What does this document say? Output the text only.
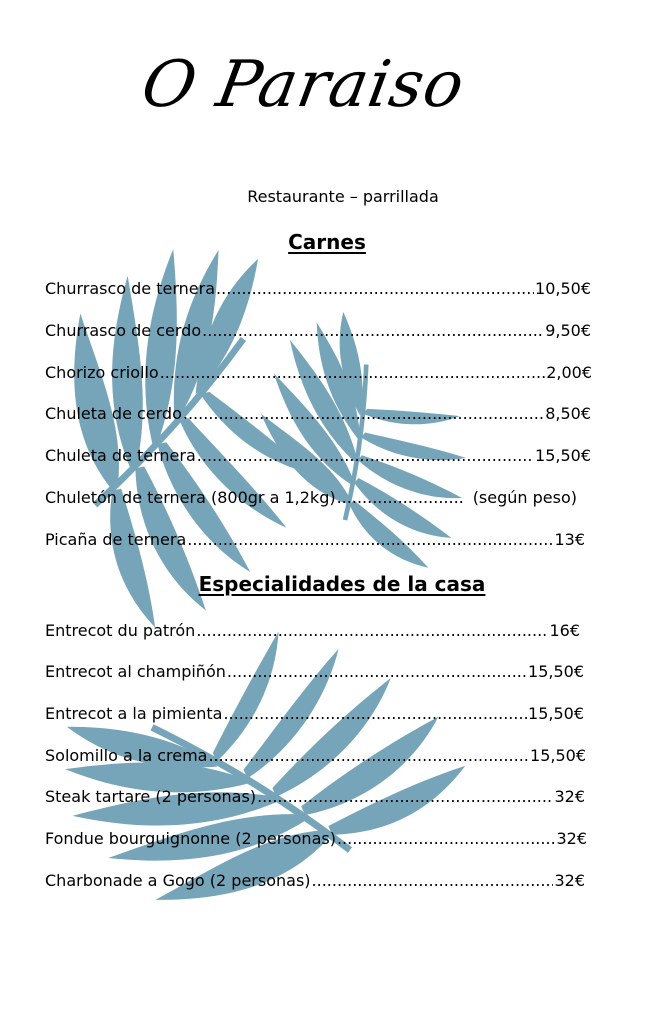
O Paraiso
Restaurante – parrillada
Carnes
Churrasco de ternera .....	10,50€
Churrasco de cerdo .....	9,50€
Chorizo criollo .....	2,00€
Chuleta de cerdo .....	8,50€
Chuleta de ternera .....	15,50€
Chuletón de ternera (800gr a 1,2kg) .....	(según peso)
Picaña de ternera .....	13€
Especialidades de la casa
Entrecot du patrón .....	16€
Entrecot al champiñón .....	15,50€
Entrecot a la pimienta .....	15,50€
Solomillo a la crema .....	15,50€
Steak tartare (2 personas) .....	32€
Fondue bourguignonne (2 personas) .....	32€
Charbonade a Gogo (2 personas) .....	32€
